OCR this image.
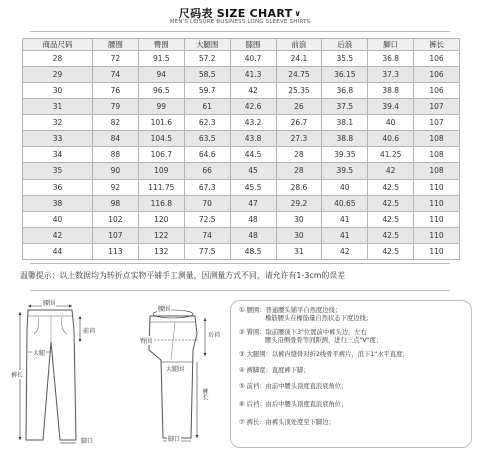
尺码表 SIZE CHART ∨
MEN'S LEISURE BUSINESS LONG SLEEVE SHIRTS
商品尺码	腰围	臀围	大腿围	膝围	前浪	后浪	脚口	裤长
28	72	91.5	57.2	40.7	24.1	35.5	36.8	106
29	74	94	58.5	41.3	24.75	36.15	37.3	106
30	76	96.5	59.7	42	25.35	36.8	38.8	106
31	79	99	61	42.6	26	37.5	39.4	107
32	82	101.6	62.3	43.2	26.7	38.1	40	107
33	84	104.5	63.5	43.8	27.3	38.8	40.6	108
34	88	106.7	64.6	44.5	28	39.35	41.25	108
35	90	109	66	45	28	39.5	42	108
36	92	111.75	67.3	45.5	28.6	40	42.5	110
38	98	116.8	70	47	29.2	40.65	42.5	110
40	102	120	72.5	48	30	41	42.5	110
42	107	122	74	48	30	41	42.5	110
44	113	132	77.5	48.5	31	42	42.5	110
温馨提示：以上数据均为转折点实物平铺手工测量，因测量方式不同，请允许有1-3cm的误差
腰围
前裆
大腿
裤长
脚口
腰围
臀围
大腿围
后裆
裤长
脚口
① 腰围：普通腰头铺平自然度边线；
橡筋腰头在橡筋量自然状态下度边线；
② 臀围：取前腰顶下3"位置前中裤头边，左右
腰头沿侧骨骨等间距测，进行三点"V"度；
③ 大腿围：以裤内缝骨对折2线骨平裤片，浪下1"水平直度；
④ 裤脚宽：直度裤下脚；
⑤ 前裆：由前中腰头顶度直浪底角位；
⑥ 后裆：由后中腰头顶度直浪底角位；
⑦ 裤长：由裤头顶处度至下脚边；
